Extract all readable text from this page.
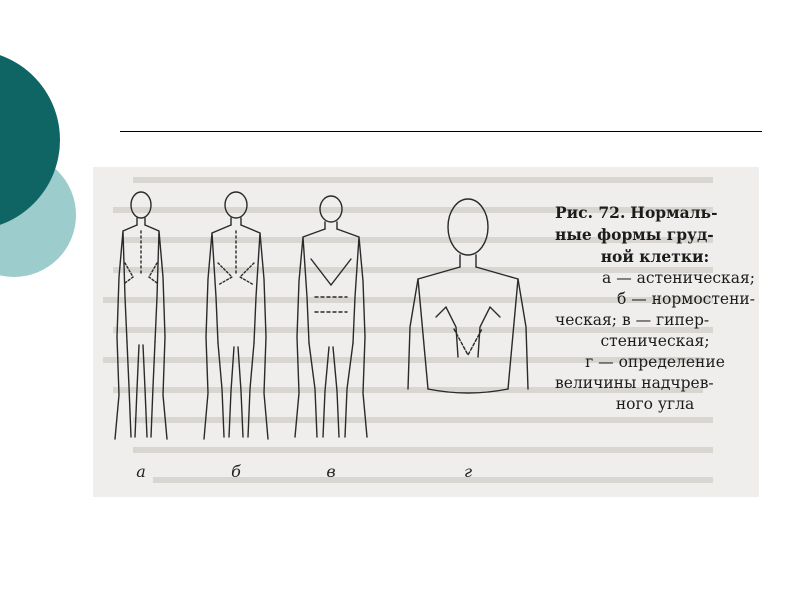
а	б	в	г
Рис. 72. Нормаль-
ные формы груд-
ной клетки:
а — астеническая;
б — нормостени-
ческая; в — гипер-
стеническая;
г — определение
величины надчрев-
ного угла
